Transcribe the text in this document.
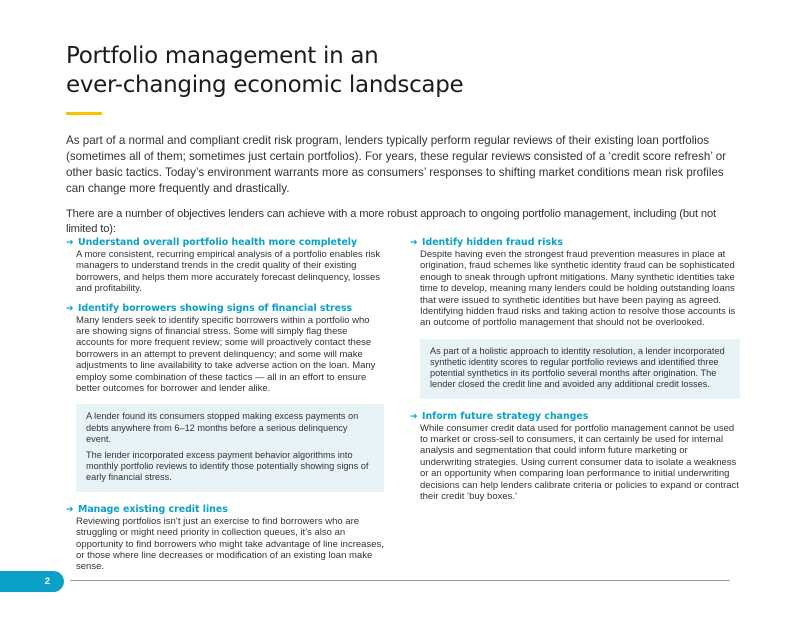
Portfolio management in an
ever-changing economic landscape

As part of a normal and compliant credit risk program, lenders typically perform regular reviews of their existing loan portfolios (sometimes all of them; sometimes just certain portfolios). For years, these regular reviews consisted of a ‘credit score refresh’ or other basic tactics. Today’s environment warrants more as consumers’ responses to shifting market conditions mean risk profiles can change more frequently and drastically.

There are a number of objectives lenders can achieve with a more robust approach to ongoing portfolio management, including (but not limited to):

➔ Understand overall portfolio health more completely

A more consistent, recurring empirical analysis of a portfolio enables risk managers to understand trends in the credit quality of their existing borrowers, and helps them more accurately forecast delinquency, losses and profitability.

➔ Identify borrowers showing signs of financial stress

Many lenders seek to identify specific borrowers within a portfolio who are showing signs of financial stress. Some will simply flag these accounts for more frequent review; some will proactively contact these borrowers in an attempt to prevent delinquency; and some will make adjustments to line availability to take adverse action on the loan. Many employ some combination of these tactics — all in an effort to ensure better outcomes for borrower and lender alike.

A lender found its consumers stopped making excess payments on debts anywhere from 6–12 months before a serious delinquency event.

The lender incorporated excess payment behavior algorithms into monthly portfolio reviews to identify those potentially showing signs of early financial stress.

➔ Manage existing credit lines

Reviewing portfolios isn’t just an exercise to find borrowers who are struggling or might need priority in collection queues, it’s also an opportunity to find borrowers who might take advantage of line increases, or those where line decreases or modification of an existing loan make sense.

➔ Identify hidden fraud risks

Despite having even the strongest fraud prevention measures in place at origination, fraud schemes like synthetic identity fraud can be sophisticated enough to sneak through upfront mitigations. Many synthetic identities take time to develop, meaning many lenders could be holding outstanding loans that were issued to synthetic identities but have been paying as agreed. Identifying hidden fraud risks and taking action to resolve those accounts is an outcome of portfolio management that should not be overlooked.

As part of a holistic approach to identity resolution, a lender incorporated synthetic identity scores to regular portfolio reviews and identified three potential synthetics in its portfolio several months after origination. The lender closed the credit line and avoided any additional credit losses.

➔ Inform future strategy changes

While consumer credit data used for portfolio management cannot be used to market or cross-sell to consumers, it can certainly be used for internal analysis and segmentation that could inform future marketing or underwriting strategies. Using current consumer data to isolate a weakness or an opportunity when comparing loan performance to initial underwriting decisions can help lenders calibrate criteria or policies to expand or contract their credit ‘buy boxes.’

2
